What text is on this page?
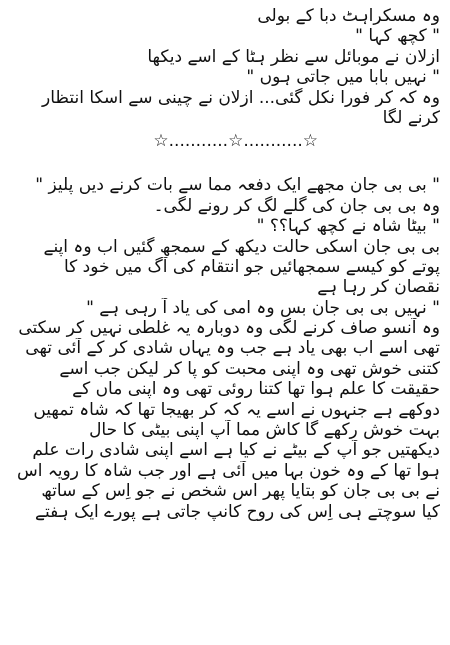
وہ مسکراہٹ دبا کے بولی
" کچھ کہا "
ازلان نے موبائل سے نظر ہٹا کے اسے دیکھا
" نہیں بابا میں جاتی ہوں "
وہ کہ کر فورا نکل گئی... ازلان نے چینی سے اسکا انتظار
کرنے لگا
☆...........☆...........☆
" بی بی جان مجھے ایک دفعہ مما سے بات کرنے دیں پلیز "
وہ بی بی جان کی گلے لگ کر رونے لگی۔
" بیٹا شاہ نے کچھ کہا؟؟ "
بی بی جان اسکی حالت دیکھ کے سمجھ گئیں اب وہ اپنے
پوتے کو کیسے سمجھائیں جو انتقام کی آگ میں خود کا
نقصان کر رہا ہے
" نہیں بی بی جان بس وہ امی کی یاد آ رہی ہے "
وہ آنسو صاف کرنے لگی وہ دوبارہ یہ غلطی نہیں کر سکتی
تھی اسے اب بھی یاد ہے جب وہ یہاں شادی کر کے آئی تھی
کتنی خوش تھی وہ اپنی محبت کو پا کر لیکن جب اسے
حقیقت کا علم ہوا تھا کتنا روئی تھی وہ اپنی ماں کے
دوکھے ہے جنہوں نے اسے یہ کہ کر بھیجا تھا کہ شاہ تمھیں
بہت خوش رکھے گا کاش مما آپ اپنی بیٹی کا حال
دیکھتیں جو آپ کے بیٹے نے کیا ہے اسے اپنی شادی رات علم
ہوا تھا کے وہ خون بہا میں آئی ہے اور جب شاہ کا رویہ اس
نے بی بی جان کو بتایا پھر اس شخص نے جو اِس کے ساتھ
کیا سوچتے ہی اِس کی روح کانپ جاتی ہے پورے ایک ہفتے
